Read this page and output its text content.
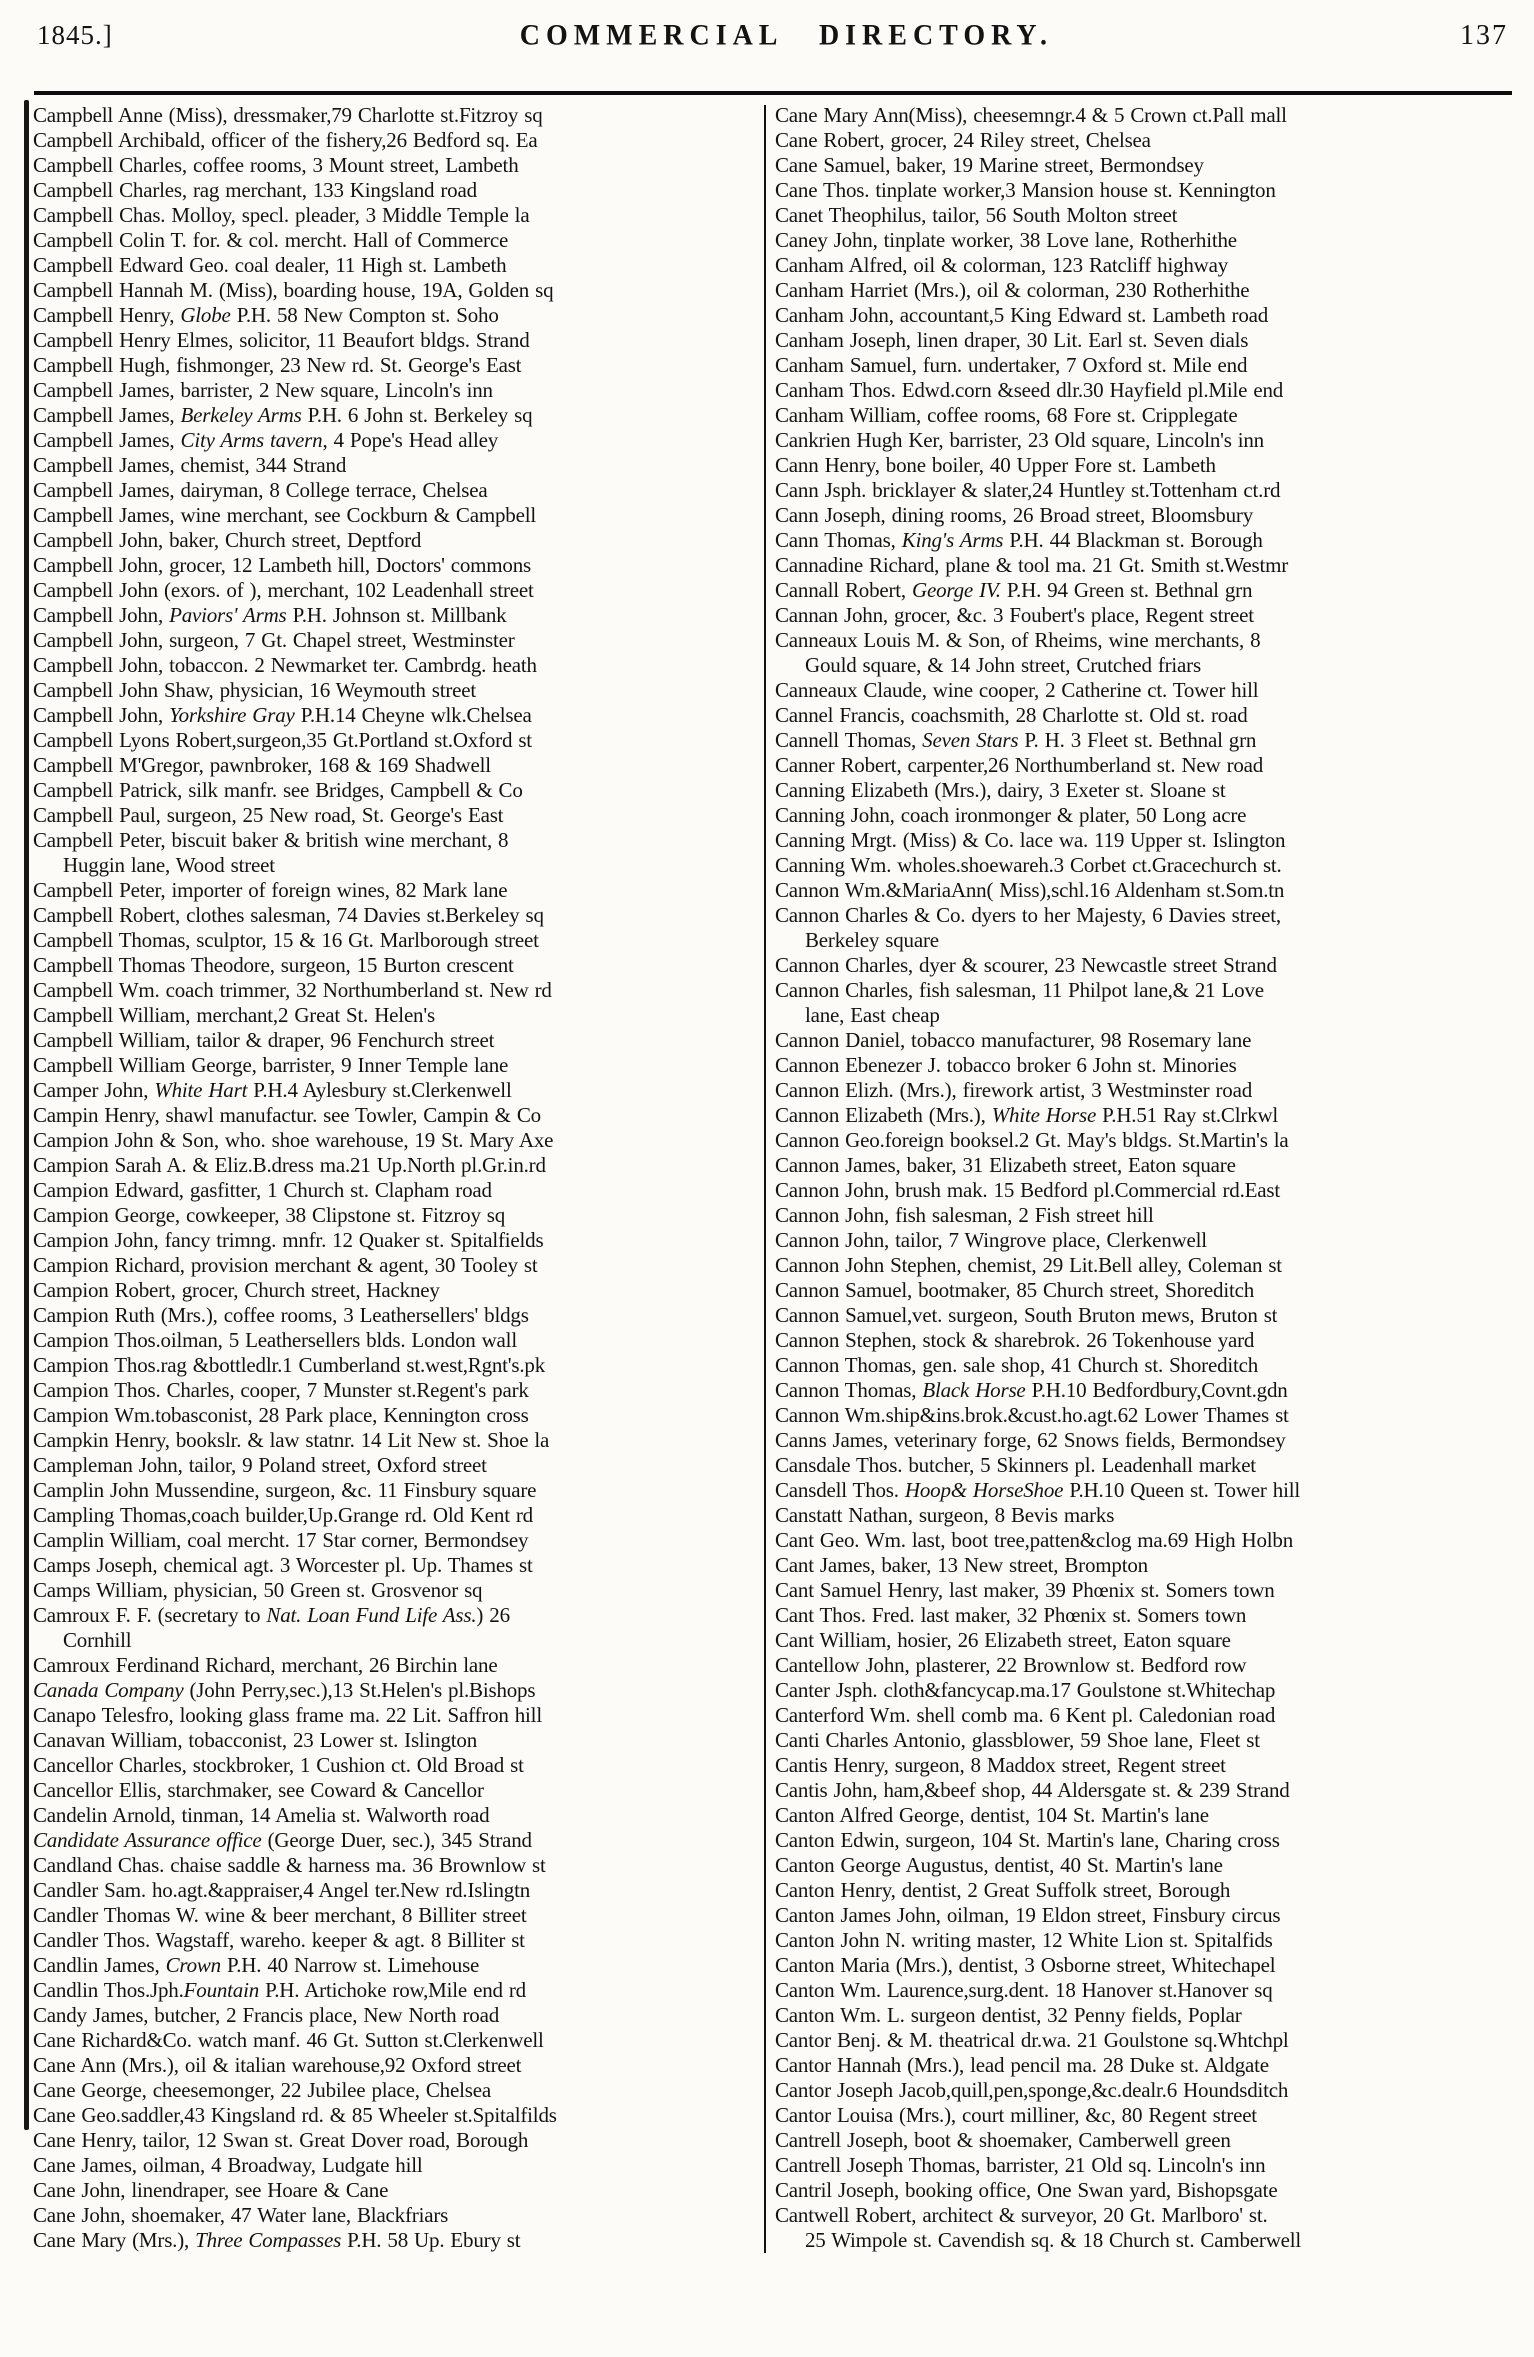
1845.]	COMMERCIAL DIRECTORY.	137
Campbell Anne (Miss), dressmaker,79 Charlotte st.Fitzroy sq
Campbell Archibald, officer of the fishery,26 Bedford sq. Ea
Campbell Charles, coffee rooms, 3 Mount street, Lambeth
Campbell Charles, rag merchant, 133 Kingsland road
Campbell Chas. Molloy, specl. pleader, 3 Middle Temple la
Campbell Colin T. for. & col. mercht. Hall of Commerce
Campbell Edward Geo. coal dealer, 11 High st. Lambeth
Campbell Hannah M. (Miss), boarding house, 19A, Golden sq
Campbell Henry, Globe P.H. 58 New Compton st. Soho
Campbell Henry Elmes, solicitor, 11 Beaufort bldgs. Strand
Campbell Hugh, fishmonger, 23 New rd. St. George's East
Campbell James, barrister, 2 New square, Lincoln's inn
Campbell James, Berkeley Arms P.H. 6 John st. Berkeley sq
Campbell James, City Arms tavern, 4 Pope's Head alley
Campbell James, chemist, 344 Strand
Campbell James, dairyman, 8 College terrace, Chelsea
Campbell James, wine merchant, see Cockburn & Campbell
Campbell John, baker, Church street, Deptford
Campbell John, grocer, 12 Lambeth hill, Doctors' commons
Campbell John (exors. of ), merchant, 102 Leadenhall street
Campbell John, Paviors' Arms P.H. Johnson st. Millbank
Campbell John, surgeon, 7 Gt. Chapel street, Westminster
Campbell John, tobaccon. 2 Newmarket ter. Cambrdg. heath
Campbell John Shaw, physician, 16 Weymouth street
Campbell John, Yorkshire Gray P.H.14 Cheyne wlk.Chelsea
Campbell Lyons Robert,surgeon,35 Gt.Portland st.Oxford st
Campbell M'Gregor, pawnbroker, 168 & 169 Shadwell
Campbell Patrick, silk manfr. see Bridges, Campbell & Co
Campbell Paul, surgeon, 25 New road, St. George's East
Campbell Peter, biscuit baker & british wine merchant, 8
Huggin lane, Wood street
Campbell Peter, importer of foreign wines, 82 Mark lane
Campbell Robert, clothes salesman, 74 Davies st.Berkeley sq
Campbell Thomas, sculptor, 15 & 16 Gt. Marlborough street
Campbell Thomas Theodore, surgeon, 15 Burton crescent
Campbell Wm. coach trimmer, 32 Northumberland st. New rd
Campbell William, merchant,2 Great St. Helen's
Campbell William, tailor & draper, 96 Fenchurch street
Campbell William George, barrister, 9 Inner Temple lane
Camper John, White Hart P.H.4 Aylesbury st.Clerkenwell
Campin Henry, shawl manufactur. see Towler, Campin & Co
Campion John & Son, who. shoe warehouse, 19 St. Mary Axe
Campion Sarah A. & Eliz.B.dress ma.21 Up.North pl.Gr.in.rd
Campion Edward, gasfitter, 1 Church st. Clapham road
Campion George, cowkeeper, 38 Clipstone st. Fitzroy sq
Campion John, fancy trimng. mnfr. 12 Quaker st. Spitalfields
Campion Richard, provision merchant & agent, 30 Tooley st
Campion Robert, grocer, Church street, Hackney
Campion Ruth (Mrs.), coffee rooms, 3 Leathersellers' bldgs
Campion Thos.oilman, 5 Leathersellers blds. London wall
Campion Thos.rag &bottledlr.1 Cumberland st.west,Rgnt's.pk
Campion Thos. Charles, cooper, 7 Munster st.Regent's park
Campion Wm.tobasconist, 28 Park place, Kennington cross
Campkin Henry, bookslr. & law statnr. 14 Lit New st. Shoe la
Campleman John, tailor, 9 Poland street, Oxford street
Camplin John Mussendine, surgeon, &c. 11 Finsbury square
Campling Thomas,coach builder,Up.Grange rd. Old Kent rd
Camplin William, coal mercht. 17 Star corner, Bermondsey
Camps Joseph, chemical agt. 3 Worcester pl. Up. Thames st
Camps William, physician, 50 Green st. Grosvenor sq
Camroux F. F. (secretary to Nat. Loan Fund Life Ass.) 26
Cornhill
Camroux Ferdinand Richard, merchant, 26 Birchin lane
Canada Company (John Perry,sec.),13 St.Helen's pl.Bishops
Canapo Telesfro, looking glass frame ma. 22 Lit. Saffron hill
Canavan William, tobacconist, 23 Lower st. Islington
Cancellor Charles, stockbroker, 1 Cushion ct. Old Broad st
Cancellor Ellis, starchmaker, see Coward & Cancellor
Candelin Arnold, tinman, 14 Amelia st. Walworth road
Candidate Assurance office (George Duer, sec.), 345 Strand
Candland Chas. chaise saddle & harness ma. 36 Brownlow st
Candler Sam. ho.agt.&appraiser,4 Angel ter.New rd.Islingtn
Candler Thomas W. wine & beer merchant, 8 Billiter street
Candler Thos. Wagstaff, wareho. keeper & agt. 8 Billiter st
Candlin James, Crown P.H. 40 Narrow st. Limehouse
Candlin Thos.Jph.Fountain P.H. Artichoke row,Mile end rd
Candy James, butcher, 2 Francis place, New North road
Cane Richard&Co. watch manf. 46 Gt. Sutton st.Clerkenwell
Cane Ann (Mrs.), oil & italian warehouse,92 Oxford street
Cane George, cheesemonger, 22 Jubilee place, Chelsea
Cane Geo.saddler,43 Kingsland rd. & 85 Wheeler st.Spitalfilds
Cane Henry, tailor, 12 Swan st. Great Dover road, Borough
Cane James, oilman, 4 Broadway, Ludgate hill
Cane John, linendraper, see Hoare & Cane
Cane John, shoemaker, 47 Water lane, Blackfriars
Cane Mary (Mrs.), Three Compasses P.H. 58 Up. Ebury st
Cane Mary Ann(Miss), cheesemngr.4 & 5 Crown ct.Pall mall
Cane Robert, grocer, 24 Riley street, Chelsea
Cane Samuel, baker, 19 Marine street, Bermondsey
Cane Thos. tinplate worker,3 Mansion house st. Kennington
Canet Theophilus, tailor, 56 South Molton street
Caney John, tinplate worker, 38 Love lane, Rotherhithe
Canham Alfred, oil & colorman, 123 Ratcliff highway
Canham Harriet (Mrs.), oil & colorman, 230 Rotherhithe
Canham John, accountant,5 King Edward st. Lambeth road
Canham Joseph, linen draper, 30 Lit. Earl st. Seven dials
Canham Samuel, furn. undertaker, 7 Oxford st. Mile end
Canham Thos. Edwd.corn &seed dlr.30 Hayfield pl.Mile end
Canham William, coffee rooms, 68 Fore st. Cripplegate
Cankrien Hugh Ker, barrister, 23 Old square, Lincoln's inn
Cann Henry, bone boiler, 40 Upper Fore st. Lambeth
Cann Jsph. bricklayer & slater,24 Huntley st.Tottenham ct.rd
Cann Joseph, dining rooms, 26 Broad street, Bloomsbury
Cann Thomas, King's Arms P.H. 44 Blackman st. Borough
Cannadine Richard, plane & tool ma. 21 Gt. Smith st.Westmr
Cannall Robert, George IV. P.H. 94 Green st. Bethnal grn
Cannan John, grocer, &c. 3 Foubert's place, Regent street
Canneaux Louis M. & Son, of Rheims, wine merchants, 8
Gould square, & 14 John street, Crutched friars
Canneaux Claude, wine cooper, 2 Catherine ct. Tower hill
Cannel Francis, coachsmith, 28 Charlotte st. Old st. road
Cannell Thomas, Seven Stars P. H. 3 Fleet st. Bethnal grn
Canner Robert, carpenter,26 Northumberland st. New road
Canning Elizabeth (Mrs.), dairy, 3 Exeter st. Sloane st
Canning John, coach ironmonger & plater, 50 Long acre
Canning Mrgt. (Miss) & Co. lace wa. 119 Upper st. Islington
Canning Wm. wholes.shoewareh.3 Corbet ct.Gracechurch st.
Cannon Wm.&MariaAnn( Miss),schl.16 Aldenham st.Som.tn
Cannon Charles & Co. dyers to her Majesty, 6 Davies street,
Berkeley square
Cannon Charles, dyer & scourer, 23 Newcastle street Strand
Cannon Charles, fish salesman, 11 Philpot lane,& 21 Love
lane, East cheap
Cannon Daniel, tobacco manufacturer, 98 Rosemary lane
Cannon Ebenezer J. tobacco broker 6 John st. Minories
Cannon Elizh. (Mrs.), firework artist, 3 Westminster road
Cannon Elizabeth (Mrs.), White Horse P.H.51 Ray st.Clrkwl
Cannon Geo.foreign booksel.2 Gt. May's bldgs. St.Martin's la
Cannon James, baker, 31 Elizabeth street, Eaton square
Cannon John, brush mak. 15 Bedford pl.Commercial rd.East
Cannon John, fish salesman, 2 Fish street hill
Cannon John, tailor, 7 Wingrove place, Clerkenwell
Cannon John Stephen, chemist, 29 Lit.Bell alley, Coleman st
Cannon Samuel, bootmaker, 85 Church street, Shoreditch
Cannon Samuel,vet. surgeon, South Bruton mews, Bruton st
Cannon Stephen, stock & sharebrok. 26 Tokenhouse yard
Cannon Thomas, gen. sale shop, 41 Church st. Shoreditch
Cannon Thomas, Black Horse P.H.10 Bedfordbury,Covnt.gdn
Cannon Wm.ship&ins.brok.&cust.ho.agt.62 Lower Thames st
Canns James, veterinary forge, 62 Snows fields, Bermondsey
Cansdale Thos. butcher, 5 Skinners pl. Leadenhall market
Cansdell Thos. Hoop& HorseShoe P.H.10 Queen st. Tower hill
Canstatt Nathan, surgeon, 8 Bevis marks
Cant Geo. Wm. last, boot tree,patten&clog ma.69 High Holbn
Cant James, baker, 13 New street, Brompton
Cant Samuel Henry, last maker, 39 Phœnix st. Somers town
Cant Thos. Fred. last maker, 32 Phœnix st. Somers town
Cant William, hosier, 26 Elizabeth street, Eaton square
Cantellow John, plasterer, 22 Brownlow st. Bedford row
Canter Jsph. cloth&fancycap.ma.17 Goulstone st.Whitechap
Canterford Wm. shell comb ma. 6 Kent pl. Caledonian road
Canti Charles Antonio, glassblower, 59 Shoe lane, Fleet st
Cantis Henry, surgeon, 8 Maddox street, Regent street
Cantis John, ham,&beef shop, 44 Aldersgate st. & 239 Strand
Canton Alfred George, dentist, 104 St. Martin's lane
Canton Edwin, surgeon, 104 St. Martin's lane, Charing cross
Canton George Augustus, dentist, 40 St. Martin's lane
Canton Henry, dentist, 2 Great Suffolk street, Borough
Canton James John, oilman, 19 Eldon street, Finsbury circus
Canton John N. writing master, 12 White Lion st. Spitalfids
Canton Maria (Mrs.), dentist, 3 Osborne street, Whitechapel
Canton Wm. Laurence,surg.dent. 18 Hanover st.Hanover sq
Canton Wm. L. surgeon dentist, 32 Penny fields, Poplar
Cantor Benj. & M. theatrical dr.wa. 21 Goulstone sq.Whtchpl
Cantor Hannah (Mrs.), lead pencil ma. 28 Duke st. Aldgate
Cantor Joseph Jacob,quill,pen,sponge,&c.dealr.6 Houndsditch
Cantor Louisa (Mrs.), court milliner, &c, 80 Regent street
Cantrell Joseph, boot & shoemaker, Camberwell green
Cantrell Joseph Thomas, barrister, 21 Old sq. Lincoln's inn
Cantril Joseph, booking office, One Swan yard, Bishopsgate
Cantwell Robert, architect & surveyor, 20 Gt. Marlboro' st.
25 Wimpole st. Cavendish sq. & 18 Church st. Camberwell
